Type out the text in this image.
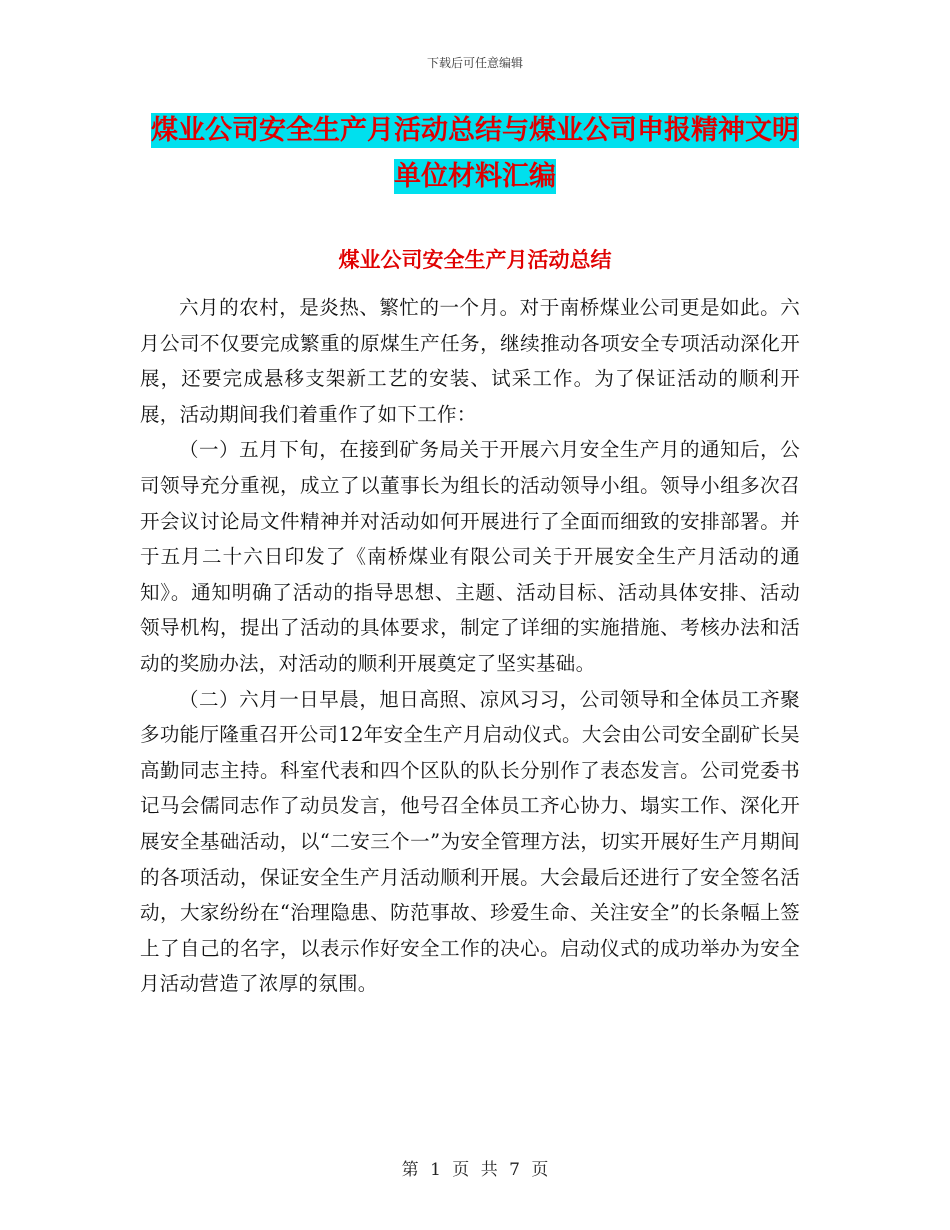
下载后可任意编辑
煤业公司安全生产月活动总结与煤业公司申报精神文明单位材料汇编
煤业公司安全生产月活动总结

六月的农村，是炎热、繁忙的一个月。对于南桥煤业公司更是如此。六月公司不仅要完成繁重的原煤生产任务，继续推动各项安全专项活动深化开展，还要完成悬移支架新工艺的安装、试采工作。为了保证活动的顺利开展，活动期间我们着重作了如下工作：

（一）五月下旬，在接到矿务局关于开展六月安全生产月的通知后，公司领导充分重视，成立了以董事长为组长的活动领导小组。领导小组多次召开会议讨论局文件精神并对活动如何开展进行了全面而细致的安排部署。并于五月二十六日印发了《南桥煤业有限公司关于开展安全生产月活动的通知》。通知明确了活动的指导思想、主题、活动目标、活动具体安排、活动领导机构，提出了活动的具体要求，制定了详细的实施措施、考核办法和活动的奖励办法，对活动的顺利开展奠定了坚实基础。

（二）六月一日早晨，旭日高照、凉风习习，公司领导和全体员工齐聚多功能厅隆重召开公司12年安全生产月启动仪式。大会由公司安全副矿长吴高勤同志主持。科室代表和四个区队的队长分别作了表态发言。公司党委书记马会儒同志作了动员发言，他号召全体员工齐心协力、塌实工作、深化开展安全基础活动，以“二安三个一”为安全管理方法，切实开展好生产月期间的各项活动，保证安全生产月活动顺利开展。大会最后还进行了安全签名活动，大家纷纷在“治理隐患、防范事故、珍爱生命、关注安全”的长条幅上签上了自己的名字，以表示作好安全工作的决心。启动仪式的成功举办为安全月活动营造了浓厚的氛围。

第 1 页 共 7 页
